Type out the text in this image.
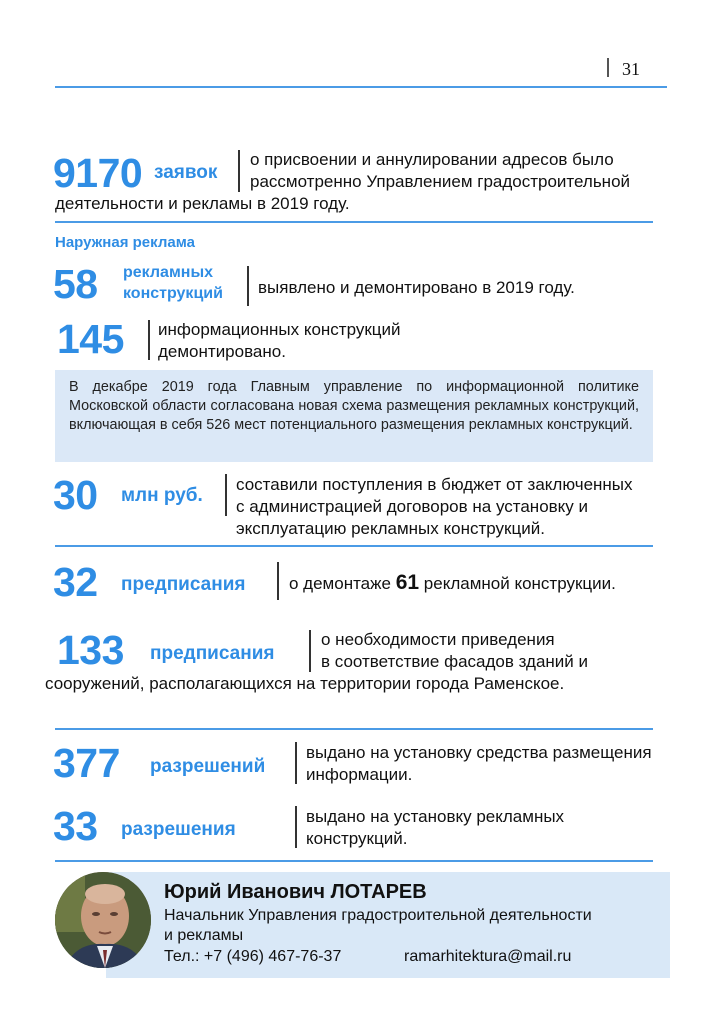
31
9170 заявок
о присвоении и аннулировании адресов было
рассмотренно Управлением градостроительной
деятельности и рекламы в 2019 году.
Наружная реклама
58 рекламных
конструкций выявлено и демонтировано в 2019 году.
145 информационных конструкций
демонтировано.

В декабре 2019 года Главным управление по информационной политике Московской области согласована новая схема размещения рекламных конструкций, включающая в себя 526 мест потенциального размещения рекламных конструкций.

30 млн руб.
составили поступления в бюджет от заключенных
с администрацией договоров на установку и
эксплуатацию рекламных конструкций.
32 предписания	о демонтаже 61 рекламной конструкции.
133 предписания
о необходимости приведения
в соответствие фасадов зданий и
сооружений, располагающихся на территории города Раменское.
377 разрешений
выдано на установку средства размещения
информации.
33 разрешения
выдано на установку рекламных
конструкций.
Юрий Иванович ЛОТАРЕВ
Начальник Управления градостроительной деятельности
и рекламы
Тел.: +7 (496) 467-76-37	ramarhitektura@mail.ru
